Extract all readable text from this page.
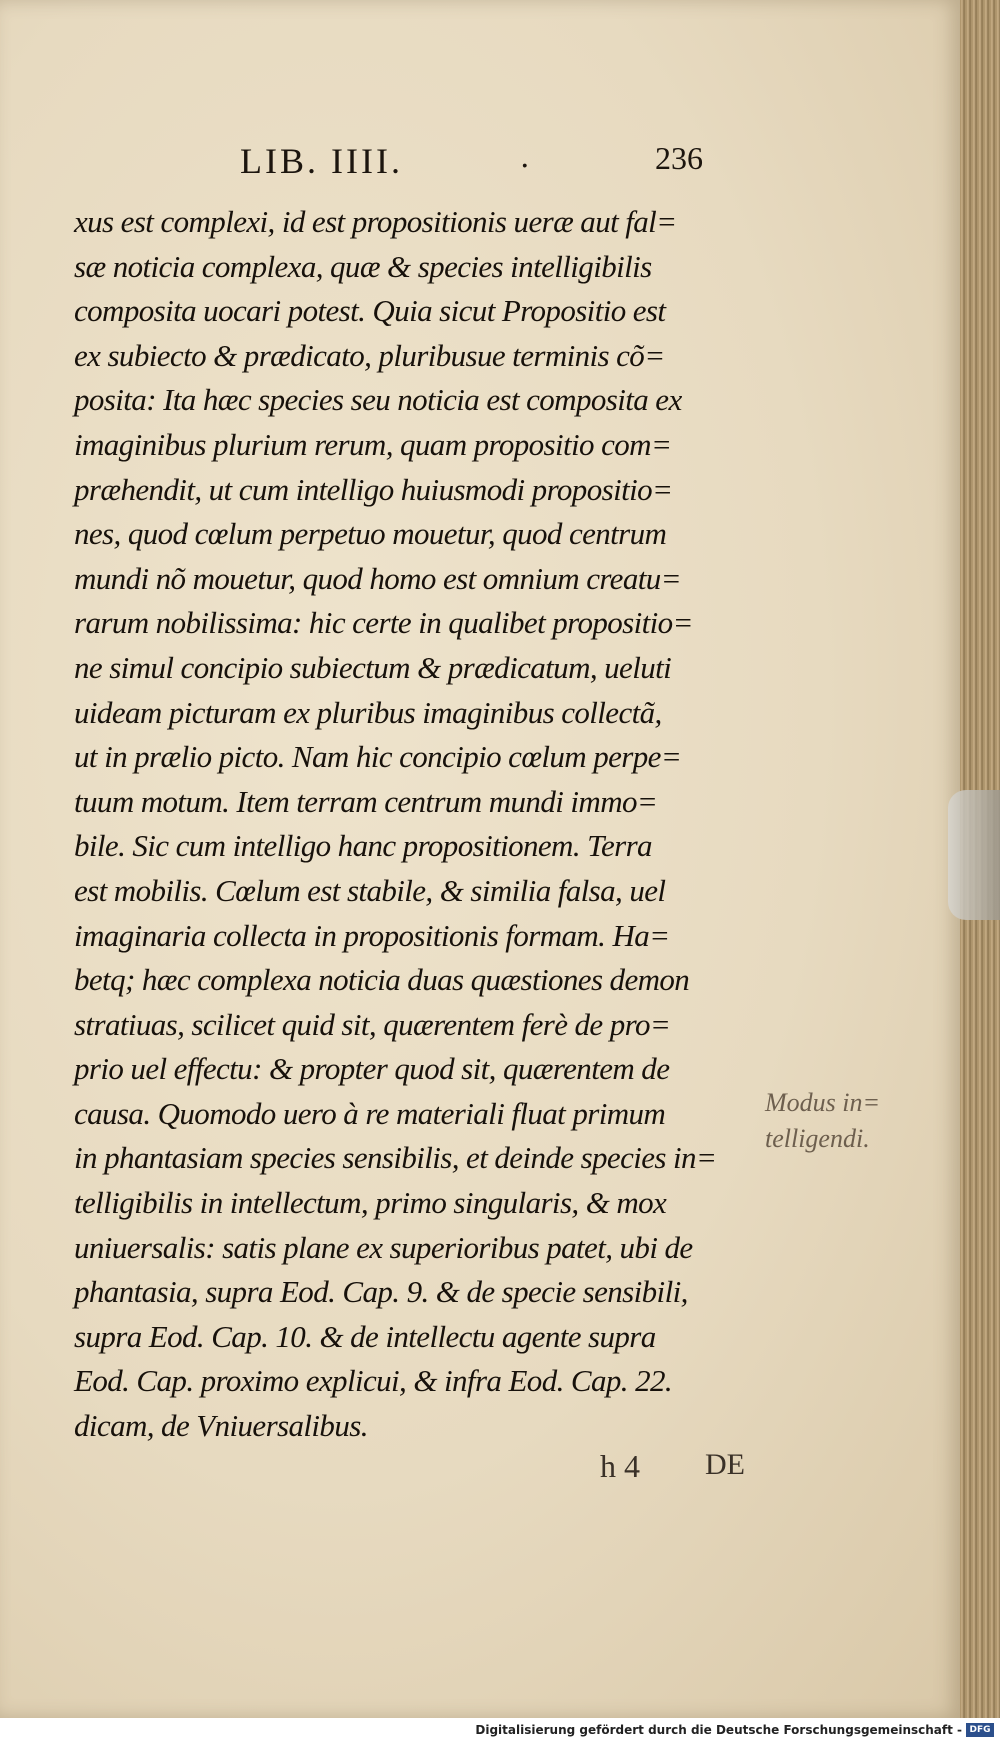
LIB. IIII.	.	236
xus est complexi, id est propositionis ueræ aut fal=
sæ noticia complexa, quæ & species intelligibilis
composita uocari potest. Quia sicut Propositio est
ex subiecto & prædicato, pluribusue terminis cõ=
posita: Ita hæc species seu noticia est composita ex
imaginibus plurium rerum, quam propositio com=
præhendit, ut cum intelligo huiusmodi propositio=
nes, quod cœlum perpetuo mouetur, quod centrum
mundi nõ mouetur, quod homo est omnium creatu=
rarum nobilissima: hic certe in qualibet propositio=
ne simul concipio subiectum & prædicatum, ueluti
uideam picturam ex pluribus imaginibus collectã,
ut in prælio picto. Nam hic concipio cœlum perpe=
tuum motum. Item terram centrum mundi immo=
bile. Sic cum intelligo hanc propositionem. Terra
est mobilis. Cœlum est stabile, & similia falsa, uel
imaginaria collecta in propositionis formam. Ha=
betq; hæc complexa noticia duas quæstiones demon
stratiuas, scilicet quid sit, quærentem ferè de pro=
prio uel effectu: & propter quod sit, quærentem de
causa. Quomodo uero à re materiali fluat primum
in phantasiam species sensibilis, et deinde species in=
telligibilis in intellectum, primo singularis, & mox
uniuersalis: satis plane ex superioribus patet, ubi de
phantasia, supra Eod. Cap. 9. & de specie sensibili,
supra Eod. Cap. 10. & de intellectu agente supra
Eod. Cap. proximo explicui, & infra Eod. Cap. 22.
dicam, de Vniuersalibus.
Modus in=
telligendi.
h 4 DE
Digitalisierung gefördert durch die Deutsche Forschungsgemeinschaft - DFG
